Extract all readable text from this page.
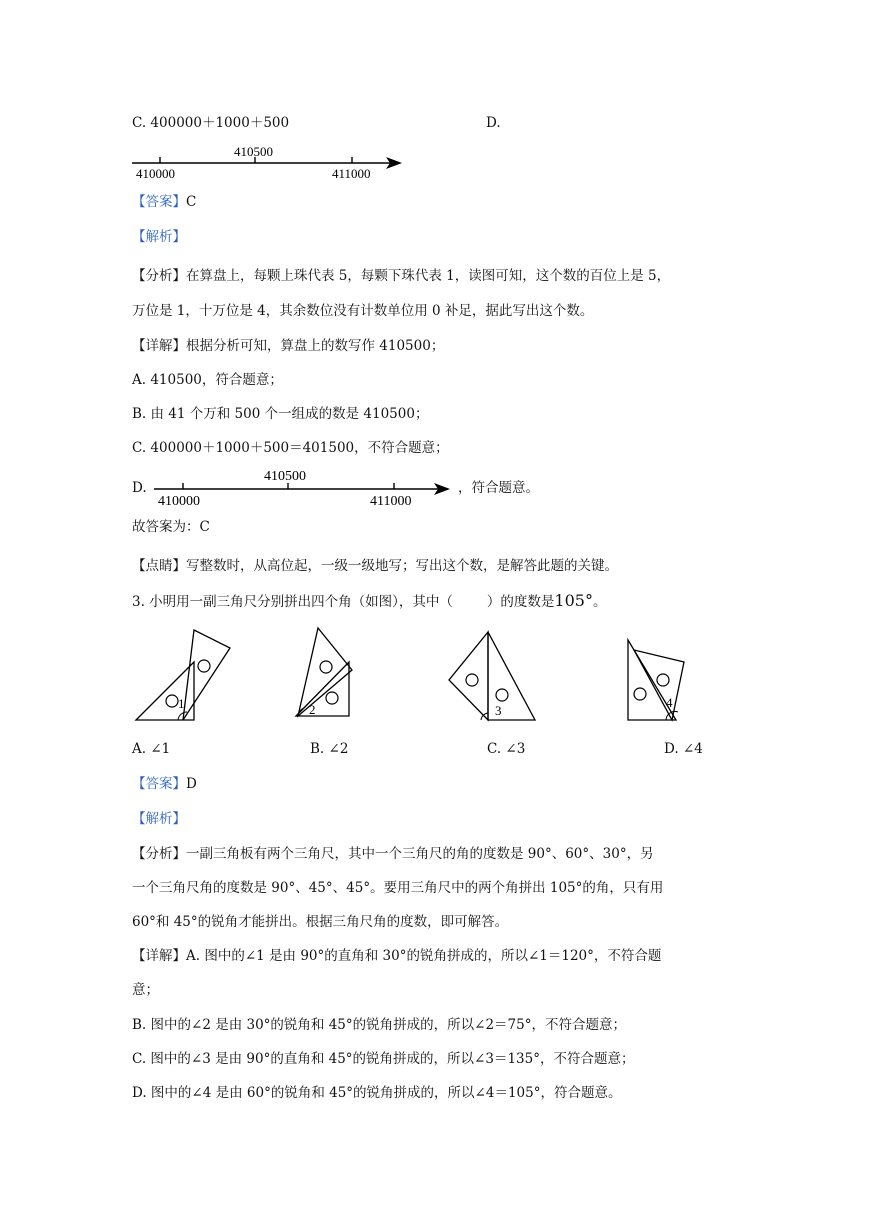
C. 400000＋1000＋500	D.
410500
410000	411000
【答案】C
【解析】
【分析】在算盘上，每颗上珠代表 5，每颗下珠代表 1，读图可知，这个数的百位上是 5，
万位是 1，十万位是 4，其余数位没有计数单位用 0 补足，据此写出这个数。
【详解】根据分析可知，算盘上的数写作 410500；
A. 410500，符合题意；
B. 由 41 个万和 500 个一组成的数是 410500；
C. 400000＋1000＋500＝401500，不符合题意；
D.
410500
410000	411000
，符合题意。
故答案为：C
【点睛】写整数时，从高位起，一级一级地写；写出这个数，是解答此题的关键。
3. 小明用一副三角尺分别拼出四个角（如图），其中（	）的度数是105°。
1	2	3
4
A. ∠1	B. ∠2	C. ∠3	D. ∠4
【答案】D
【解析】
【分析】一副三角板有两个三角尺，其中一个三角尺的角的度数是 90°、60°、30°，另
一个三角尺角的度数是 90°、45°、45°。要用三角尺中的两个角拼出 105°的角，只有用
60°和 45°的锐角才能拼出。根据三角尺角的度数，即可解答。
【详解】A. 图中的∠1 是由 90°的直角和 30°的锐角拼成的，所以∠1＝120°，不符合题
意；
B. 图中的∠2 是由 30°的锐角和 45°的锐角拼成的，所以∠2＝75°，不符合题意；
C. 图中的∠3 是由 90°的直角和 45°的锐角拼成的，所以∠3＝135°，不符合题意；
D. 图中的∠4 是由 60°的锐角和 45°的锐角拼成的，所以∠4＝105°，符合题意。
